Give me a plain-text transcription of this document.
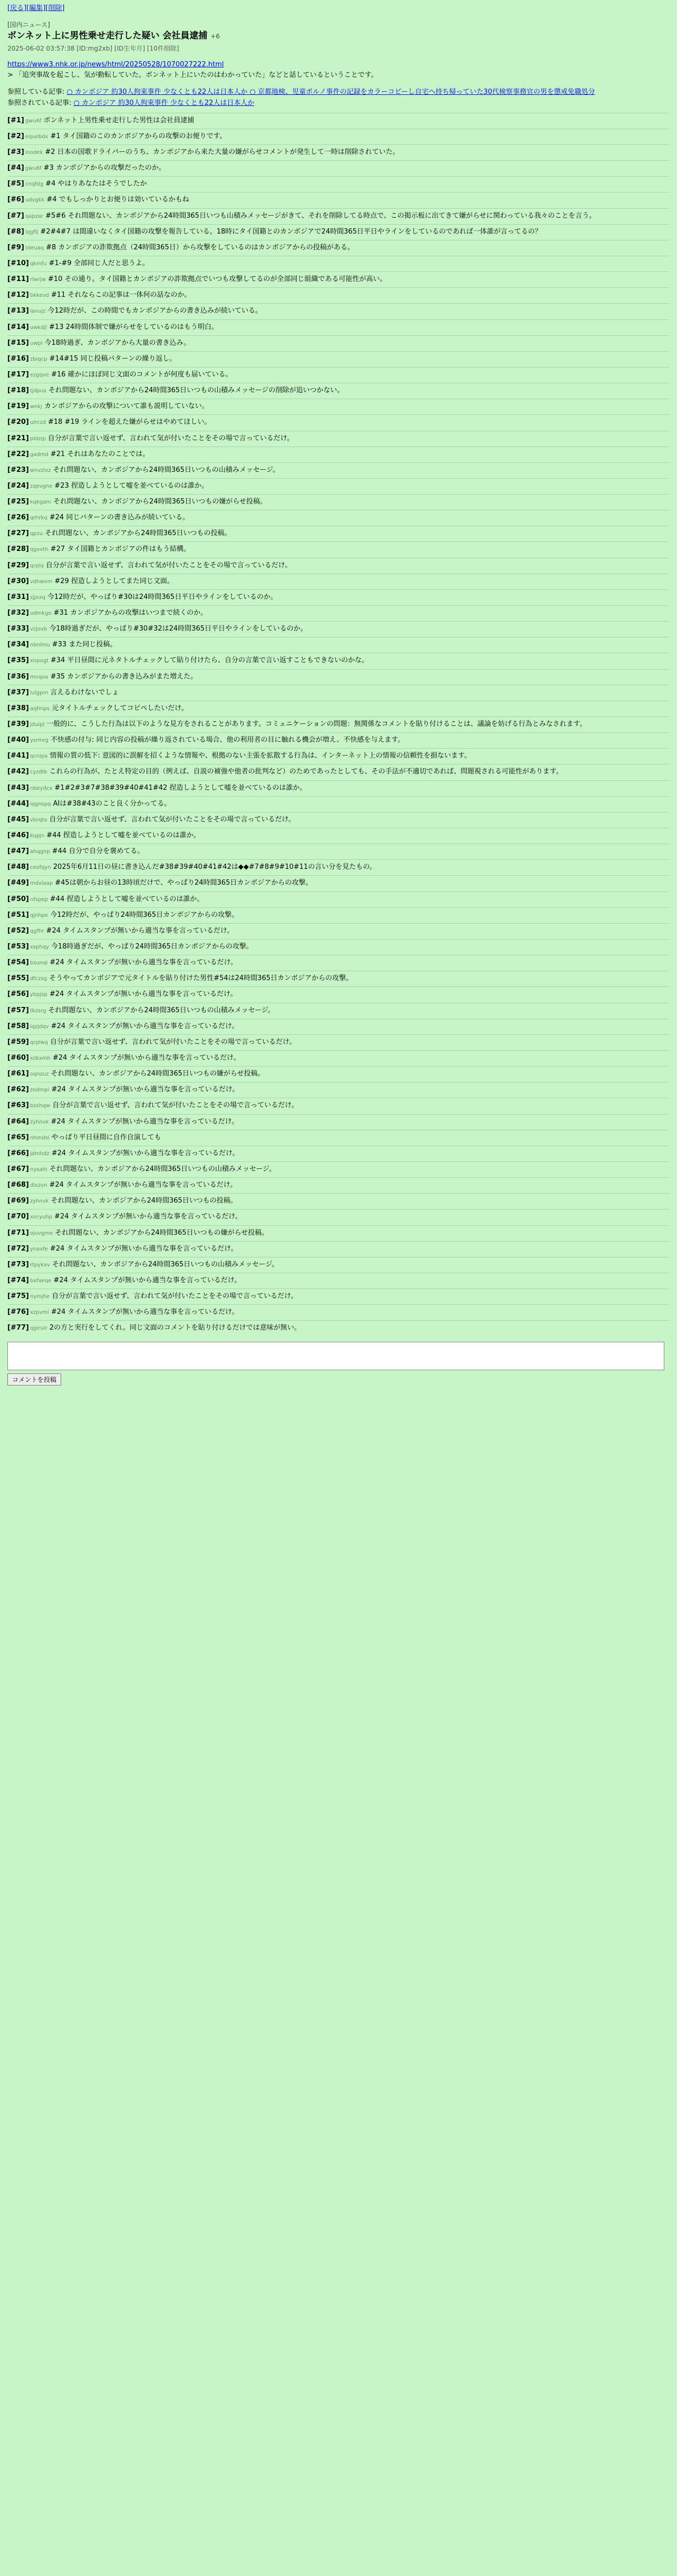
[戻る][編集][削除]
[国内ニュース]
ボンネット上に男性乗せ走行した疑い 会社員逮捕 +6
2025-06-02 03:57:38 [ID:mg2xb] [ID生年月] [10件削除]

https://www3.nhk.or.jp/news/html/20250528/1070027222.html

> 「追突事故を起こし、気が動転していた。ボンネット上にいたのはわかっていた」などと話しているということです。

参照している記事: ○ カンボジア 約30人拘束事件 少なくとも22人は日本人か ○ 京都地検、児童ポルノ事件の記録をカラーコピーし自宅へ持ち帰っていた30代検察事務官の男を懲戒免職処分

参照されている記事: ○ カンボジア 約30人拘束事件 少なくとも22人は日本人か

[#1] gwu6f ボンネット上男性乗せ走行した男性は会社員逮捕

[#2] equebdx #1 タイ国籍のこのカンボジアからの攻撃のお便りです。

[#3] inodek #2 日本の国歌ドライバーのうち、カンボジアから来た大量の嫌がらせコメントが発生して一時は削除されていた。

[#4] gwu6f #3 カンボジアからの攻撃だったのか。

[#5] cnqfdg #4 やはりあなたはそうでしたか

[#6] udvgkk #4 でもしっかりとお便りは効いているかもね

[#7] qapzar #5#6 それ問題ない、カンボジアから24時間365日いつも山積みメッセージがきて、それを削除してる時点で、この掲示板に出てきて嫌がらせに関わっている我々のことを言う。

[#8] lqgfij #2#4#7 は間違いなくタイ国籍の攻撃を報告している。18時にタイ国籍とのカンボジアで24時間365日平日やラインをしているのであれば一体誰が言ってるの？

[#9] tdeuaq #8 カンボジアの詐欺拠点（24時間365日）から攻撃をしているのはカンボジアからの投稿がある。

[#10] qkmfu #1-#9 全部同じ人だと思うよ。

[#11] rlwrjw #10 その通り。タイ国籍とカンボジアの詐欺拠点でいつも攻撃してるのが全部同じ組織である可能性が高い。

[#12] bkkevd #11 それならこの記事は一体何の話なのか。

[#13] ianujz 今12時だが、この時間でもカンボジアからの書き込みが続いている。

[#14] uwkdjl #13 24時間体制で嫌がらせをしているのはもう明白。

[#15] uwpl 今18時過ぎ、カンボジアから大量の書き込み。

[#16] zbiqcp #14#15 同じ投稿パターンの繰り返し。

[#17] ezgqve #16 確かにほぼ同じ文面のコメントが何度も届いている。

[#18] tjdpus それ問題ない、カンボジアから24時間365日いつもの山積みメッセージの削除が追いつかない。

[#19] wnkj カンボジアからの攻撃について誰も説明していない。

[#20] ulrczd #18 #19 ラインを超えた嫌がらせはやめてほしい。

[#21] pldzqi 自分が言葉で言い返せず、言われて気が付いたことをその場で言っているだけ。

[#22] gadmd #21 それはあなたのことでは。

[#23] wnvzlxz それ問題ない、カンボジアから24時間365日いつもの山積みメッセージ。

[#24] zqevgne #23 捏造しようとして嘘を並べているのは誰か。

[#25] kqkgam それ問題ない、カンボジアから24時間365日いつもの嫌がらせ投稿。

[#26] qrhrkq #24 同じパターンの書き込みが続いている。

[#27] qpzu それ問題ない、カンボジアから24時間365日いつもの投稿。

[#28] qgxvth #27 タイ国籍とカンボジアの件はもう結構。

[#29] qrplq 自分が言葉で言い返せず、言われて気が付いたことをその場で言っているだけ。

[#30] vdhwvm #29 捏造しようとしてまた同じ文面。

[#31] zjjxxq 今12時だが、やっぱり#30は24時間365日平日やラインをしているのか。

[#32] udmkgo #31 カンボジアからの攻撃はいつまで続くのか。

[#33] vzjovb 今18時過ぎだが、やっぱり#30#32は24時間365日平日やラインをしているのか。

[#34] nbnlmu #33 また同じ投稿。

[#35] xnpogt #34 平日昼間に元ネタトルチェックして貼り付けたら、自分の言葉で言い返すこともできないのかな。

[#36] mnqoa #35 カンボジアからの書き込みがまた増えた。

[#37] lulgpm 言えるわけないでしょ

[#38] aqfmps 元タイトルチェックしてコピペしたいだけ。

[#39] jduipl 一般的に、こうした行為は以下のような見方をされることがあります。コミュニケーションの問題：無関係なコメントを貼り付けることは、議論を妨げる行為とみなされます。

[#40] ysrmrg 不快感の付与: 同じ内容の投稿が繰り返されている場合、他の利用者の目に触れる機会が増え、不快感を与えます。

[#41] qcnipa 情報の質の低下: 意図的に誤解を招くような情報や、根拠のない主張を拡散する行為は、インターネット上の情報の信頼性を損ないます。

[#42] cyzdtk これらの行為が、たとえ特定の目的（例えば、自説の補強や他者の批判など）のためであったとしても、その手法が不適切であれば、問題視される可能性があります。

[#43] nbeydcx #1#2#3#7#38#39#40#41#42 捏造しようとして嘘を並べているのは誰か。

[#44] iqgnspq AIは#38#43のこと良く分かってる。

[#45] vbrqta 自分が言葉で言い返せず、言われて気が付いたことをその場で言っているだけ。

[#46] kupjn #44 捏造しようとして嘘を並べているのは誰か。

[#47] ahqgnp #44 自分で自分を褒めてる。

[#48] ceofqyn 2025年6月11日の昼に書き込んだ#38#39#40#41#42は◆◆#7#8#9#10#11の言い分を見たもの。

[#49] mdxlaap #45は朝からお昼の13時頃だけで、やっぱり24時間365日カンボジアからの攻撃。

[#50] nfspep #44 捏造しようとして嘘を並べているのは誰か。

[#51] qjnhpe 今12時だが、やっぱり24時間365日カンボジアからの攻撃。

[#52] qgfhr #24 タイムスタンプが無いから適当な事を言っているだけ。

[#53] xsphqy 今18時過ぎだが、やっぱり24時間365日カンボジアからの攻撃。

[#54] bzunqi #24 タイムスタンプが無いから適当な事を言っているだけ。

[#55] dfczsg そうやってカンボジアで元タイトルを貼り付けた男性#54は24時間365日カンボジアからの攻撃。

[#56] ybpjsp #24 タイムスタンプが無いから適当な事を言っているだけ。

[#57] tkzsrg それ問題ない、カンボジアから24時間365日いつもの山積みメッセージ。

[#58] lqzjdqv #24 タイムスタンプが無いから適当な事を言っているだけ。

[#59] qrplwq 自分が言葉で言い返せず、言われて気が付いたことをその場で言っているだけ。

[#60] xzkxmh #24 タイムスタンプが無いから適当な事を言っているだけ。

[#61] oqnzuz それ問題ない、カンボジアから24時間365日いつもの嫌がらせ投稿。

[#62] zodmpi #24 タイムスタンプが無いから適当な事を言っているだけ。

[#63] bzxhqw 自分が言葉で言い返せず、言われて気が付いたことをその場で言っているだけ。

[#64] zyhnvk #24 タイムスタンプが無いから適当な事を言っているだけ。

[#65] nhmdsi やっぱり平日昼間に自作自演しても

[#66] jdmhdz #24 タイムスタンプが無いから適当な事を言っているだけ。

[#67] nysahi それ問題ない、カンボジアから24時間365日いつもの山積みメッセージ。

[#68] dlxzvn #24 タイムスタンプが無いから適当な事を言っているだけ。

[#69] zyhnvk それ問題ない、カンボジアから24時間365日いつもの投稿。

[#70] xocyuhp #24 タイムスタンプが無いから適当な事を言っているだけ。

[#71] ojuvgme それ問題ない、カンボジアから24時間365日いつもの嫌がらせ投稿。

[#72] ynaxfe #24 タイムスタンプが無いから適当な事を言っているだけ。

[#73] rtpykxv それ問題ない、カンボジアから24時間365日いつもの山積みメッセージ。

[#74] bxfaeqe #24 タイムスタンプが無いから適当な事を言っているだけ。

[#75] nymjhe 自分が言葉で言い返せず、言われて気が付いたことをその場で言っているだけ。

[#76] xzpvmi #24 タイムスタンプが無いから適当な事を言っているだけ。

[#77] qgiruir 2の方と実行をしてくれ。同じ文面のコメントを貼り付けるだけでは意味が無い。

コメントを投稿
